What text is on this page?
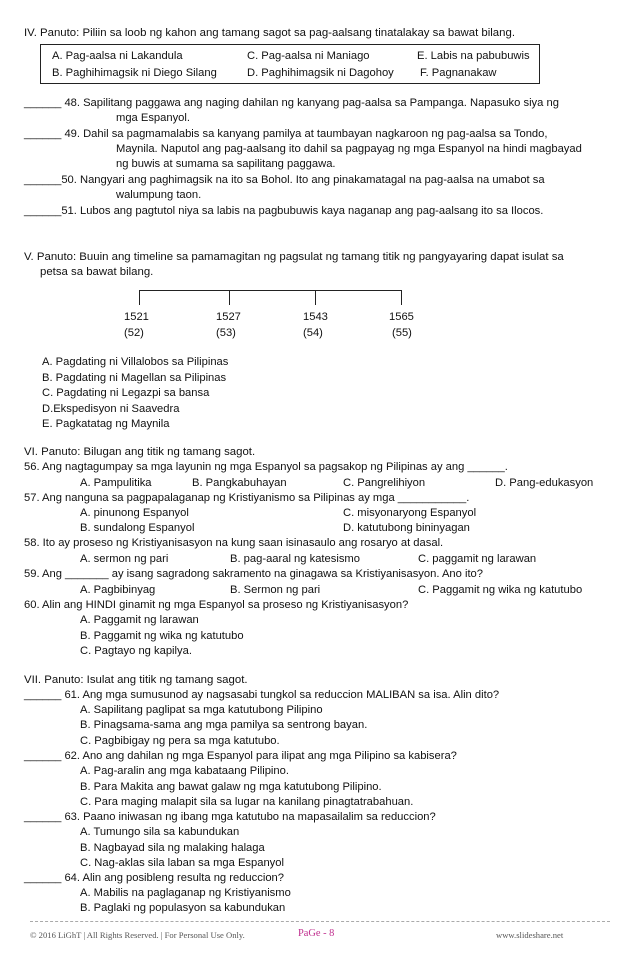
IV. Panuto: Piliin sa loob ng kahon ang tamang sagot sa pag-aalsang tinatalakay sa bawat bilang.
A. Pag-aalsa ni Lakandula	C. Pag-aalsa ni Maniago	E. Labis na pabubuwis
B. Paghihimagsik ni Diego Silang	D. Paghihimagsik ni Dagohoy F. Pagnanakaw
______ 48. Sapilitang paggawa ang naging dahilan ng kanyang pag-aalsa sa Pampanga. Napasuko siya ng
mga Espanyol.
______ 49. Dahil sa pagmamalabis sa kanyang pamilya at taumbayan nagkaroon ng pag-aalsa sa Tondo,
Maynila. Naputol ang pag-aalsang ito dahil sa pagpayag ng mga Espanyol na hindi magbayad
ng buwis at sumama sa sapilitang paggawa.
______50. Nangyari ang paghimagsik na ito sa Bohol. Ito ang pinakamatagal na pag-aalsa na umabot sa
walumpung taon.
______51. Lubos ang pagtutol niya sa labis na pagbubuwis kaya naganap ang pag-aalsang ito sa Ilocos.
V. Panuto: Buuin ang timeline sa pamamagitan ng pagsulat ng tamang titik ng pangyayaring dapat isulat sa
petsa sa bawat bilang.
1521	1527	1543	1565
(52)	(53)	(54)	(55)
A. Pagdating ni Villalobos sa Pilipinas
B. Pagdating ni Magellan sa Pilipinas
C. Pagdating ni Legazpi sa bansa
D.Ekspedisyon ni Saavedra
E. Pagkatatag ng Maynila
VI. Panuto: Bilugan ang titik ng tamang sagot.
56. Ang nagtagumpay sa mga layunin ng mga Espanyol sa pagsakop ng Pilipinas ay ang ______.
A. Pampulitika	B. Pangkabuhayan	C. Pangrelihiyon	D. Pang-edukasyon
57. Ang nanguna sa pagpapalaganap ng Kristiyanismo sa Pilipinas ay mga ___________.
A. pinunong Espanyol	C. misyonaryong Espanyol
B. sundalong Espanyol	D. katutubong bininyagan
58. Ito ay proseso ng Kristiyanisasyon na kung saan isinasaulo ang rosaryo at dasal.
A. sermon ng pari	B. pag-aaral ng katesismo	C. paggamit ng larawan
59. Ang _______ ay isang sagradong sakramento na ginagawa sa Kristiyanisasyon. Ano ito?
A. Pagbibinyag	B. Sermon ng pari	C. Paggamit ng wika ng katutubo
60. Alin ang HINDI ginamit ng mga Espanyol sa proseso ng Kristiyanisasyon?
A. Paggamit ng larawan
B. Paggamit ng wika ng katutubo
C. Pagtayo ng kapilya.
VII. Panuto: Isulat ang titik ng tamang sagot.
______ 61. Ang mga sumusunod ay nagsasabi tungkol sa reduccion MALIBAN sa isa. Alin dito?
A. Sapilitang paglipat sa mga katutubong Pilipino
B. Pinagsama-sama ang mga pamilya sa sentrong bayan.
C. Pagbibigay ng pera sa mga katutubo.
______ 62. Ano ang dahilan ng mga Espanyol para ilipat ang mga Pilipino sa kabisera?
A. Pag-aralin ang mga kabataang Pilipino.
B. Para Makita ang bawat galaw ng mga katutubong Pilipino.
C. Para maging malapit sila sa lugar na kanilang pinagtatrabahuan.
______ 63. Paano iniwasan ng ibang mga katutubo na mapasailalim sa reduccion?
A. Tumungo sila sa kabundukan
B. Nagbayad sila ng malaking halaga
C. Nag-aklas sila laban sa mga Espanyol
______ 64. Alin ang posibleng resulta ng reduccion?
A. Mabilis na paglaganap ng Kristiyanismo
B. Paglaki ng populasyon sa kabundukan
© 2016 LiGhT | All Rights Reserved. | For Personal Use Only.	PaGe - 8	www.slideshare.net
